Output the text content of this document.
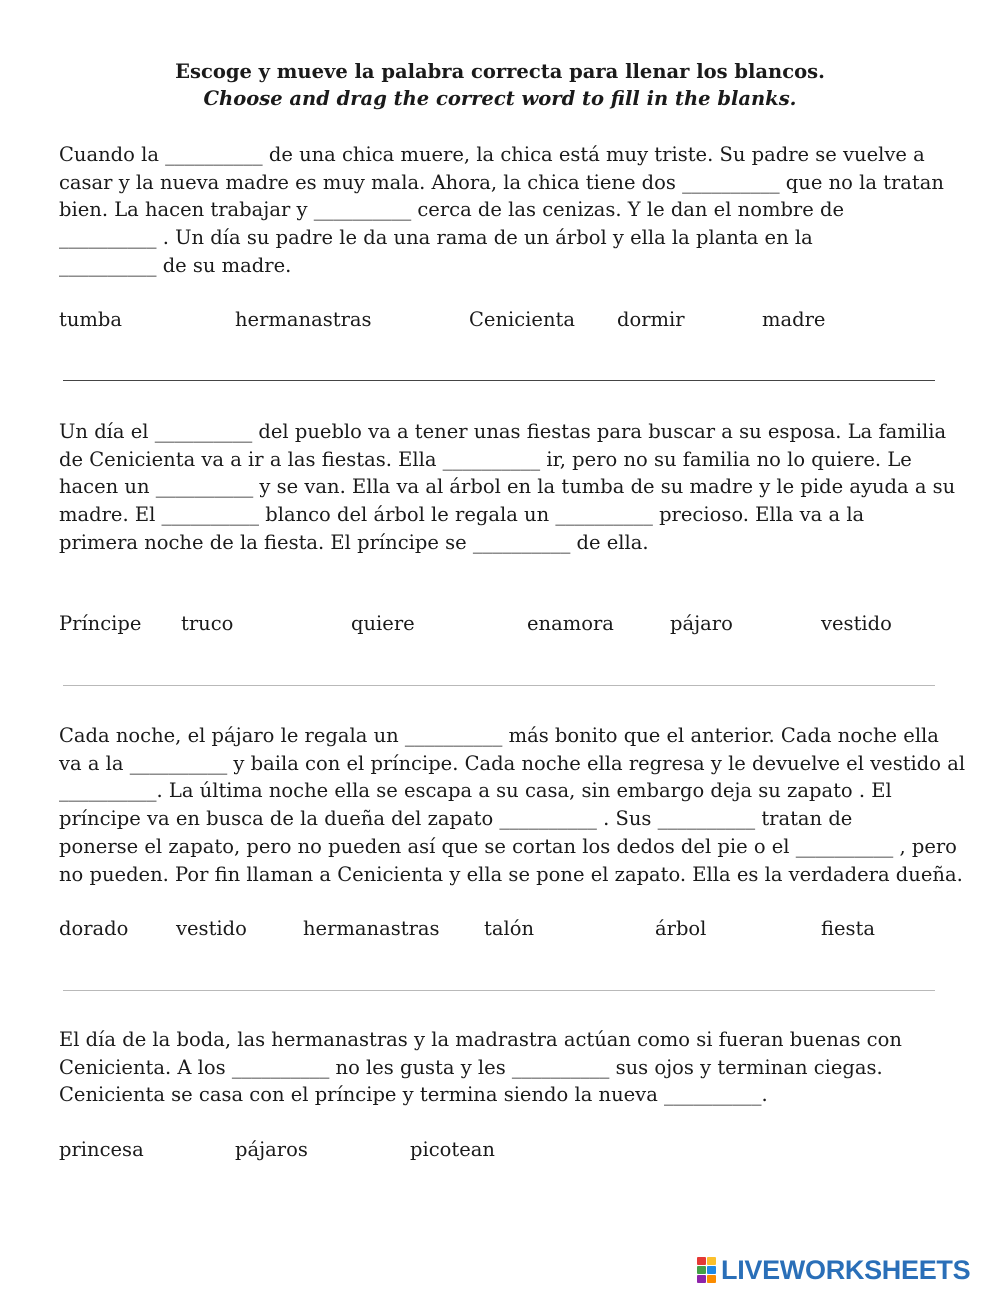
Escoge y mueve la palabra correcta para llenar los blancos.
Choose and drag the correct word to fill in the blanks.
Cuando la __________ de una chica muere, la chica está muy triste. Su padre se vuelve a
casar y la nueva madre es muy mala. Ahora, la chica tiene dos __________ que no la tratan
bien. La hacen trabajar y __________ cerca de las cenizas. Y le dan el nombre de
__________ . Un día su padre le da una rama de un árbol y ella la planta en la
__________ de su madre.
tumba	hermanastras	Cenicienta dormir	madre
Un día el __________ del pueblo va a tener unas fiestas para buscar a su esposa. La familia
de Cenicienta va a ir a las fiestas. Ella __________ ir, pero no su familia no lo quiere. Le
hacen un __________ y se van. Ella va al árbol en la tumba de su madre y le pide ayuda a su
madre. El __________ blanco del árbol le regala un __________ precioso. Ella va a la
primera noche de la fiesta. El príncipe se __________ de ella.
Príncipe truco	quiere	enamora	pájaro	vestido
Cada noche, el pájaro le regala un __________ más bonito que el anterior. Cada noche ella
va a la __________ y baila con el príncipe. Cada noche ella regresa y le devuelve el vestido al
__________. La última noche ella se escapa a su casa, sin embargo deja su zapato . El
príncipe va en busca de la dueña del zapato __________ . Sus __________ tratan de
ponerse el zapato, pero no pueden así que se cortan los dedos del pie o el __________ , pero
no pueden. Por fin llaman a Cenicienta y ella se pone el zapato. Ella es la verdadera dueña.
dorado vestido	hermanastras talón	árbol	fiesta
El día de la boda, las hermanastras y la madrastra actúan como si fueran buenas con
Cenicienta. A los __________ no les gusta y les __________ sus ojos y terminan ciegas.
Cenicienta se casa con el príncipe y termina siendo la nueva __________.
princesa	pájaros	picotean
LIVEWORKSHEETS
